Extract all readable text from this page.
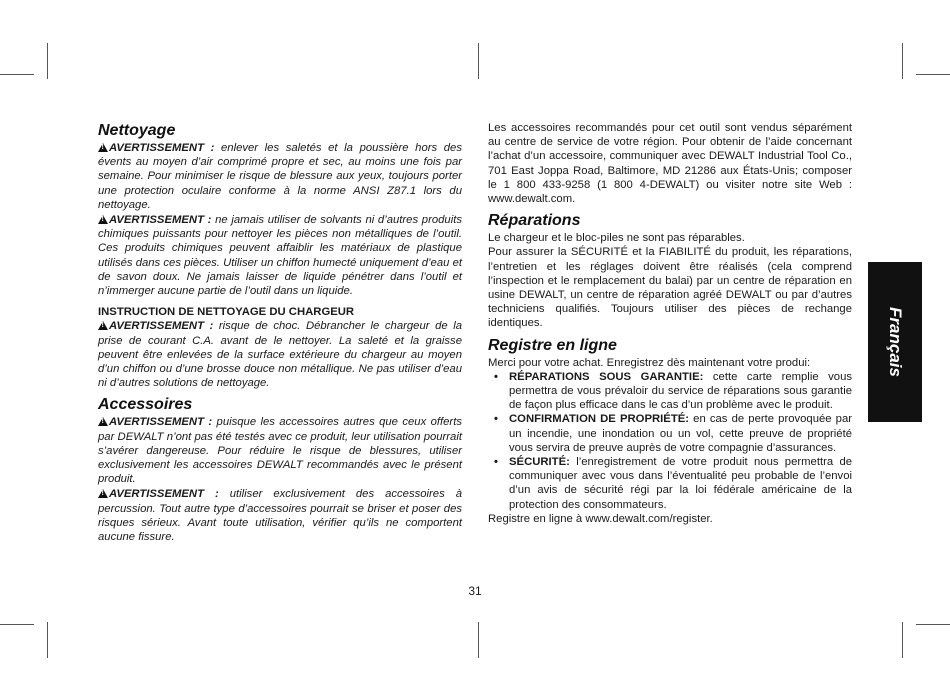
Nettoyage

!AVERTISSEMENT : enlever les saletés et la poussière hors des évents au moyen d’air comprimé propre et sec, au moins une fois par semaine. Pour minimiser le risque de blessure aux yeux, toujours porter une protection oculaire conforme à la norme ANSI Z87.1 lors du nettoyage.

!AVERTISSEMENT : ne jamais utiliser de solvants ni d’autres produits chimiques puissants pour nettoyer les pièces non métalliques de l’outil. Ces produits chimiques peuvent affaiblir les matériaux de plastique utilisés dans ces pièces. Utiliser un chiffon humecté uniquement d’eau et de savon doux. Ne jamais laisser de liquide pénétrer dans l’outil et n’immerger aucune partie de l’outil dans un liquide.

INSTRUCTION DE NETTOYAGE DU CHARGEUR

!AVERTISSEMENT : risque de choc. Débrancher le chargeur de la prise de courant C.A. avant de le nettoyer. La saleté et la graisse peuvent être enlevées de la surface extérieure du chargeur au moyen d’un chiffon ou d’une brosse douce non métallique. Ne pas utiliser d’eau ni d’autres solutions de nettoyage.

Accessoires

!AVERTISSEMENT : puisque les accessoires autres que ceux offerts par DEWALT n’ont pas été testés avec ce produit, leur utilisation pourrait s’avérer dangereuse. Pour réduire le risque de blessures, utiliser exclusivement les accessoires DEWALT recommandés avec le présent produit.

!AVERTISSEMENT : utiliser exclusivement des accessoires à percussion. Tout autre type d’accessoires pourrait se briser et poser des risques sérieux. Avant toute utilisation, vérifier qu’ils ne comportent aucune fissure.

Les accessoires recommandés pour cet outil sont vendus séparément au centre de service de votre région. Pour obtenir de l’aide concernant l’achat d’un accessoire, communiquer avec DEWALT Industrial Tool Co., 701 East Joppa Road, Baltimore, MD 21286 aux États-Unis; composer le 1 800 433-9258 (1 800 4-DEWALT) ou visiter notre site Web : www.dewalt.com.

Réparations

Le chargeur et le bloc-piles ne sont pas réparables.

Pour assurer la SÉCURITÉ et la FIABILITÉ du produit, les réparations, l’entretien et les réglages doivent être réalisés (cela comprend l’inspection et le remplacement du balai) par un centre de réparation en usine DEWALT, un centre de réparation agréé DEWALT ou par d’autres techniciens qualifiés. Toujours utiliser des pièces de rechange identiques.

Registre en ligne

Merci pour votre achat. Enregistrez dès maintenant votre produi:

• RÉPARATIONS SOUS GARANTIE: cette carte remplie vous permettra de vous prévaloir du service de réparations sous garantie de façon plus efficace dans le cas d’un problème avec le produit.
• CONFIRMATION DE PROPRIÉTÉ: en cas de perte provoquée par un incendie, une inondation ou un vol, cette preuve de propriété vous servira de preuve auprès de votre compagnie d’assurances.
• SÉCURITÉ: l’enregistrement de votre produit nous permettra de communiquer avec vous dans l’éventualité peu probable de l’envoi d’un avis de sécurité régi par la loi fédérale américaine de la protection des consommateurs.

Registre en ligne à www.dewalt.com/register.

Français
31
